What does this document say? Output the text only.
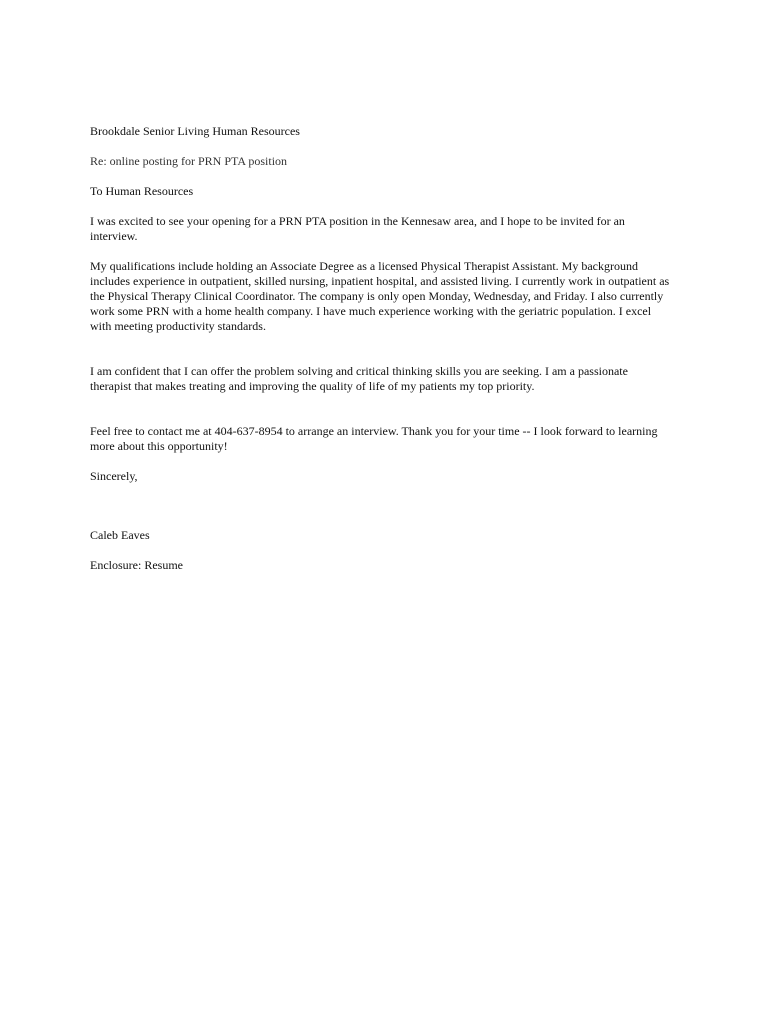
Brookdale Senior Living Human Resources

Re: online posting for PRN PTA position

To Human Resources

I was excited to see your opening for a PRN PTA position in the Kennesaw area, and I hope to be invited for an interview.

My qualifications include holding an Associate Degree as a licensed Physical Therapist Assistant. My background includes experience in outpatient, skilled nursing, inpatient hospital, and assisted living. I currently work in outpatient as the Physical Therapy Clinical Coordinator. The company is only open Monday, Wednesday, and Friday. I also currently work some PRN with a home health company. I have much experience working with the geriatric population. I excel with meeting productivity standards.

I am confident that I can offer the problem solving and critical thinking skills you are seeking. I am a passionate therapist that makes treating and improving the quality of life of my patients my top priority.

Feel free to contact me at 404-637-8954 to arrange an interview. Thank you for your time -- I look forward to learning more about this opportunity!

Sincerely,

Caleb Eaves

Enclosure: Resume
